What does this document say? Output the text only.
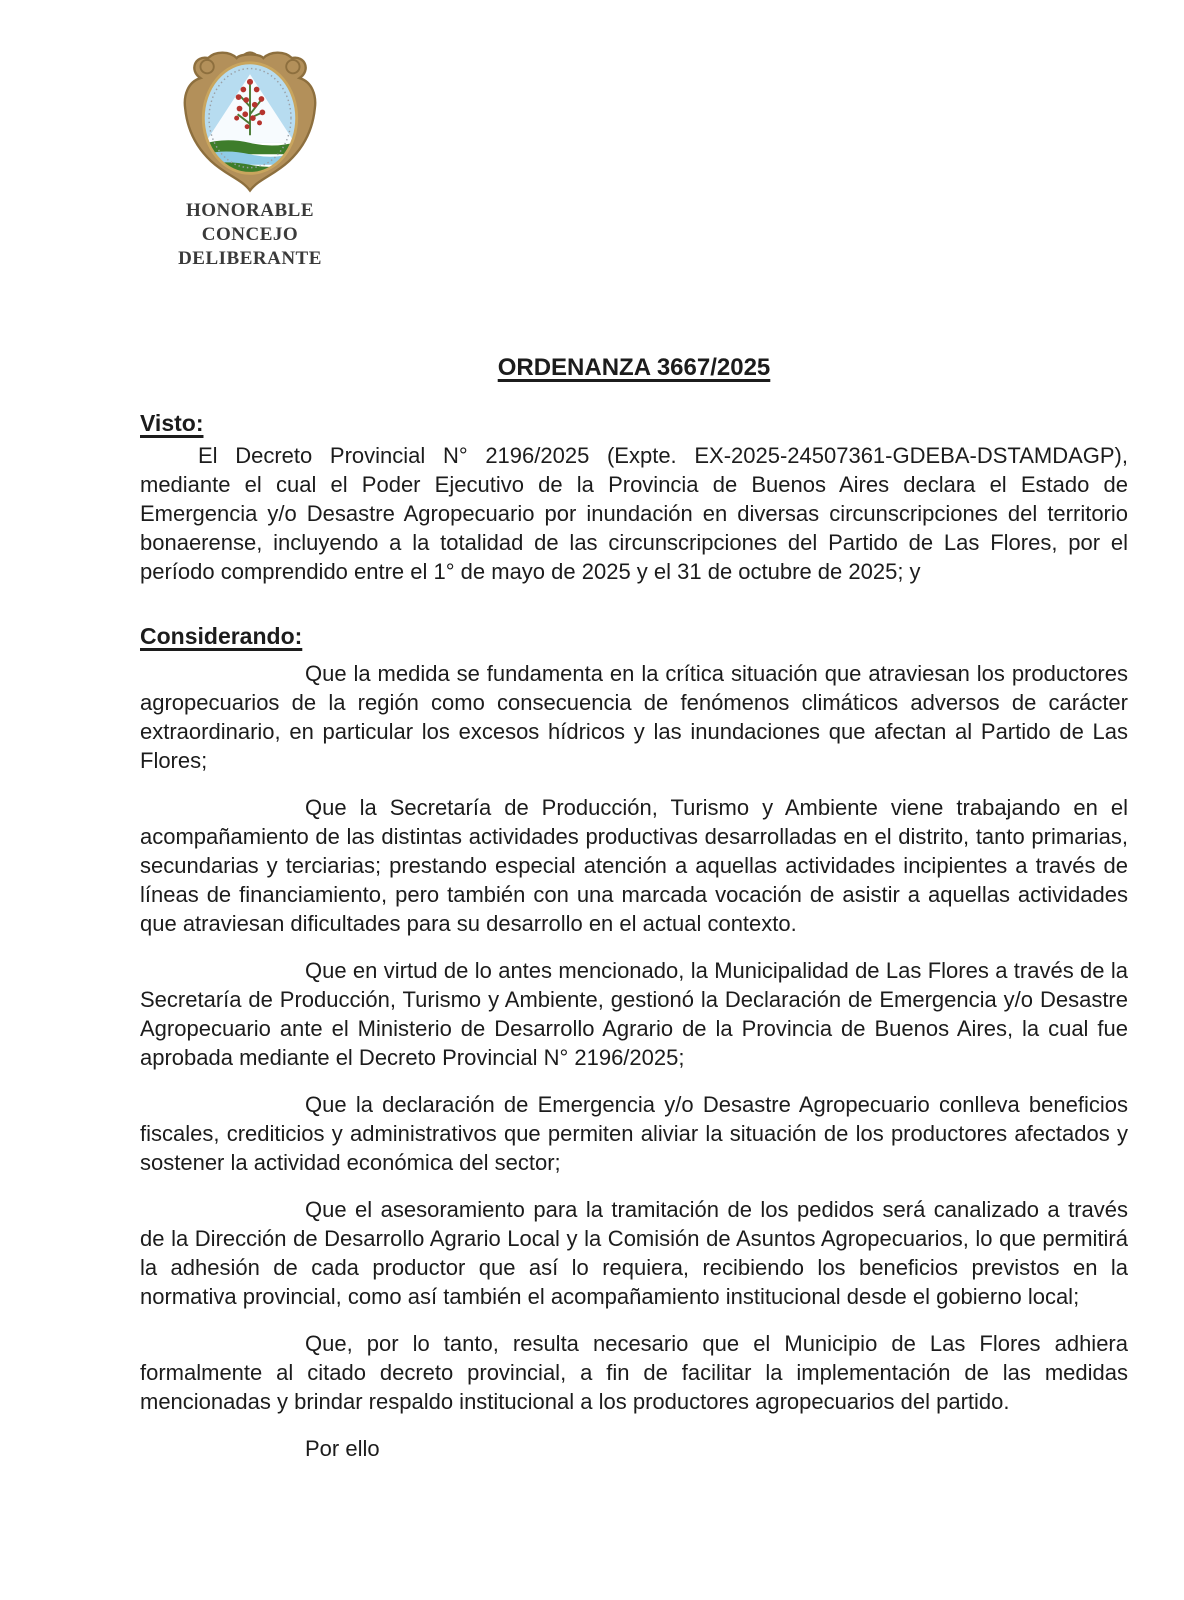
HONORABLE
CONCEJO DELIBERANTE
ORDENANZA 3667/2025
Visto:

El Decreto Provincial N° 2196/2025 (Expte. EX-2025-24507361-GDEBA-DSTAMDAGP), mediante el cual el Poder Ejecutivo de la Provincia de Buenos Aires declara el Estado de Emergencia y/o Desastre Agropecuario por inundación en diversas circunscripciones del territorio bonaerense, incluyendo a la totalidad de las circunscripciones del Partido de Las Flores, por el período comprendido entre el 1° de mayo de 2025 y el 31 de octubre de 2025; y

Considerando:

Que la medida se fundamenta en la crítica situación que atraviesan los productores agropecuarios de la región como consecuencia de fenómenos climáticos adversos de carácter extraordinario, en particular los excesos hídricos y las inundaciones que afectan al Partido de Las Flores;

Que la Secretaría de Producción, Turismo y Ambiente viene trabajando en el acompañamiento de las distintas actividades productivas desarrolladas en el distrito, tanto primarias, secundarias y terciarias; prestando especial atención a aquellas actividades incipientes a través de líneas de financiamiento, pero también con una marcada vocación de asistir a aquellas actividades que atraviesan dificultades para su desarrollo en el actual contexto.

Que en virtud de lo antes mencionado, la Municipalidad de Las Flores a través de la Secretaría de Producción, Turismo y Ambiente, gestionó la Declaración de Emergencia y/o Desastre Agropecuario ante el Ministerio de Desarrollo Agrario de la Provincia de Buenos Aires, la cual fue aprobada mediante el Decreto Provincial N° 2196/2025;

Que la declaración de Emergencia y/o Desastre Agropecuario conlleva beneficios fiscales, crediticios y administrativos que permiten aliviar la situación de los productores afectados y sostener la actividad económica del sector;

Que el asesoramiento para la tramitación de los pedidos será canalizado a través de la Dirección de Desarrollo Agrario Local y la Comisión de Asuntos Agropecuarios, lo que permitirá la adhesión de cada productor que así lo requiera, recibiendo los beneficios previstos en la normativa provincial, como así también el acompañamiento institucional desde el gobierno local;

Que, por lo tanto, resulta necesario que el Municipio de Las Flores adhiera formalmente al citado decreto provincial, a fin de facilitar la implementación de las medidas mencionadas y brindar respaldo institucional a los productores agropecuarios del partido.

Por ello
